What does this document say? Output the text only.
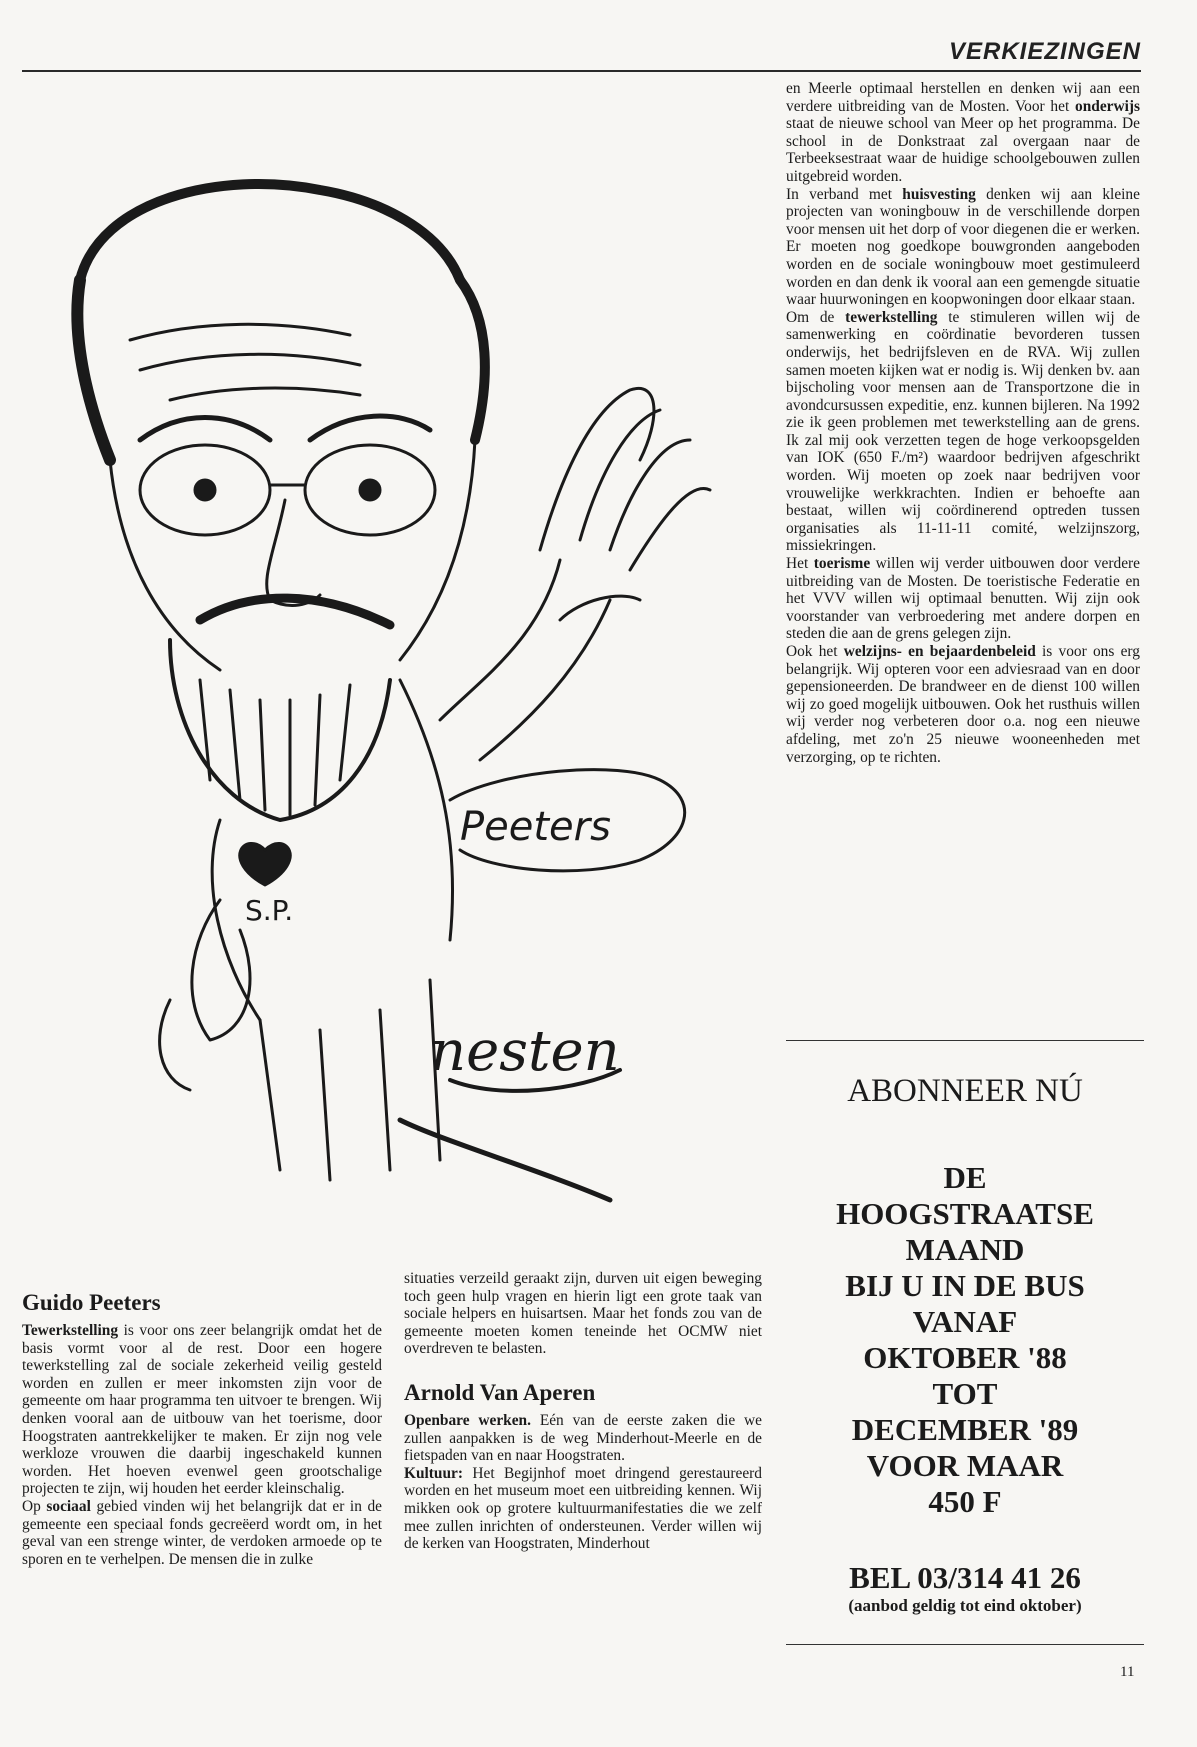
VERKIEZINGEN
Peeters
S.P.
nesten

en Meerle optimaal herstellen en denken wij aan een verdere uitbreiding van de Mosten. Voor het onderwijs staat de nieuwe school van Meer op het programma. De school in de Donkstraat zal overgaan naar de Terbeeksestraat waar de huidige schoolgebouwen zullen uitgebreid worden.

In verband met huisvesting denken wij aan kleine projecten van woningbouw in de verschillende dorpen voor mensen uit het dorp of voor diegenen die er werken. Er moeten nog goedkope bouwgronden aangeboden worden en de sociale woningbouw moet gestimuleerd worden en dan denk ik vooral aan een gemengde situatie waar huurwoningen en koopwoningen door elkaar staan.

Om de tewerkstelling te stimuleren willen wij de samenwerking en coördinatie bevorderen tussen onderwijs, het bedrijfsleven en de RVA. Wij zullen samen moeten kijken wat er nodig is. Wij denken bv. aan bijscholing voor mensen aan de Transportzone die in avondcursussen expeditie, enz. kunnen bijleren. Na 1992 zie ik geen problemen met tewerkstelling aan de grens. Ik zal mij ook verzetten tegen de hoge verkoopsgelden van IOK (650 F./m²) waardoor bedrijven afgeschrikt worden. Wij moeten op zoek naar bedrijven voor vrouwelijke werkkrachten. Indien er behoefte aan bestaat, willen wij coördinerend optreden tussen organisaties als 11-11-11 comité, welzijnszorg, missiekringen.

Het toerisme willen wij verder uitbouwen door verdere uitbreiding van de Mosten. De toeristische Federatie en het VVV willen wij optimaal benutten. Wij zijn ook voorstander van verbroedering met andere dorpen en steden die aan de grens gelegen zijn.

Ook het welzijns- en bejaardenbeleid is voor ons erg belangrijk. Wij opteren voor een adviesraad van en door gepensioneerden. De brandweer en de dienst 100 willen wij zo goed mogelijk uitbouwen. Ook het rusthuis willen wij verder nog verbeteren door o.a. nog een nieuwe afdeling, met zo'n 25 nieuwe wooneenheden met verzorging, op te richten.

ABONNEER NÚ
DE
HOOGSTRAATSE
MAAND
BIJ U IN DE BUS
VANAF
OKTOBER '88
TOT
DECEMBER '89
VOOR MAAR
450 F
BEL 03/314 41 26
(aanbod geldig tot eind oktober)
Guido Peeters

Tewerkstelling is voor ons zeer belangrijk omdat het de basis vormt voor al de rest. Door een hogere tewerkstelling zal de sociale zekerheid veilig gesteld worden en zullen er meer inkomsten zijn voor de gemeente om haar programma ten uitvoer te brengen. Wij denken vooral aan de uitbouw van het toerisme, door Hoogstraten aantrekkelijker te maken. Er zijn nog vele werkloze vrouwen die daarbij ingeschakeld kunnen worden. Het hoeven evenwel geen grootschalige projecten te zijn, wij houden het eerder kleinschalig.

Op sociaal gebied vinden wij het belangrijk dat er in de gemeente een speciaal fonds gecreëerd wordt om, in het geval van een strenge winter, de verdoken armoede op te sporen en te verhelpen. De mensen die in zulke

situaties verzeild geraakt zijn, durven uit eigen beweging toch geen hulp vragen en hierin ligt een grote taak van sociale helpers en huisartsen. Maar het fonds zou van de gemeente moeten komen teneinde het OCMW niet overdreven te belasten.

Arnold Van Aperen

Openbare werken. Eén van de eerste zaken die we zullen aanpakken is de weg Minderhout-Meerle en de fietspaden van en naar Hoogstraten.

Kultuur: Het Begijnhof moet dringend gerestaureerd worden en het museum moet een uitbreiding kennen. Wij mikken ook op grotere kultuurmanifestaties die we zelf mee zullen inrichten of ondersteunen. Verder willen wij de kerken van Hoogstraten, Minderhout

11
